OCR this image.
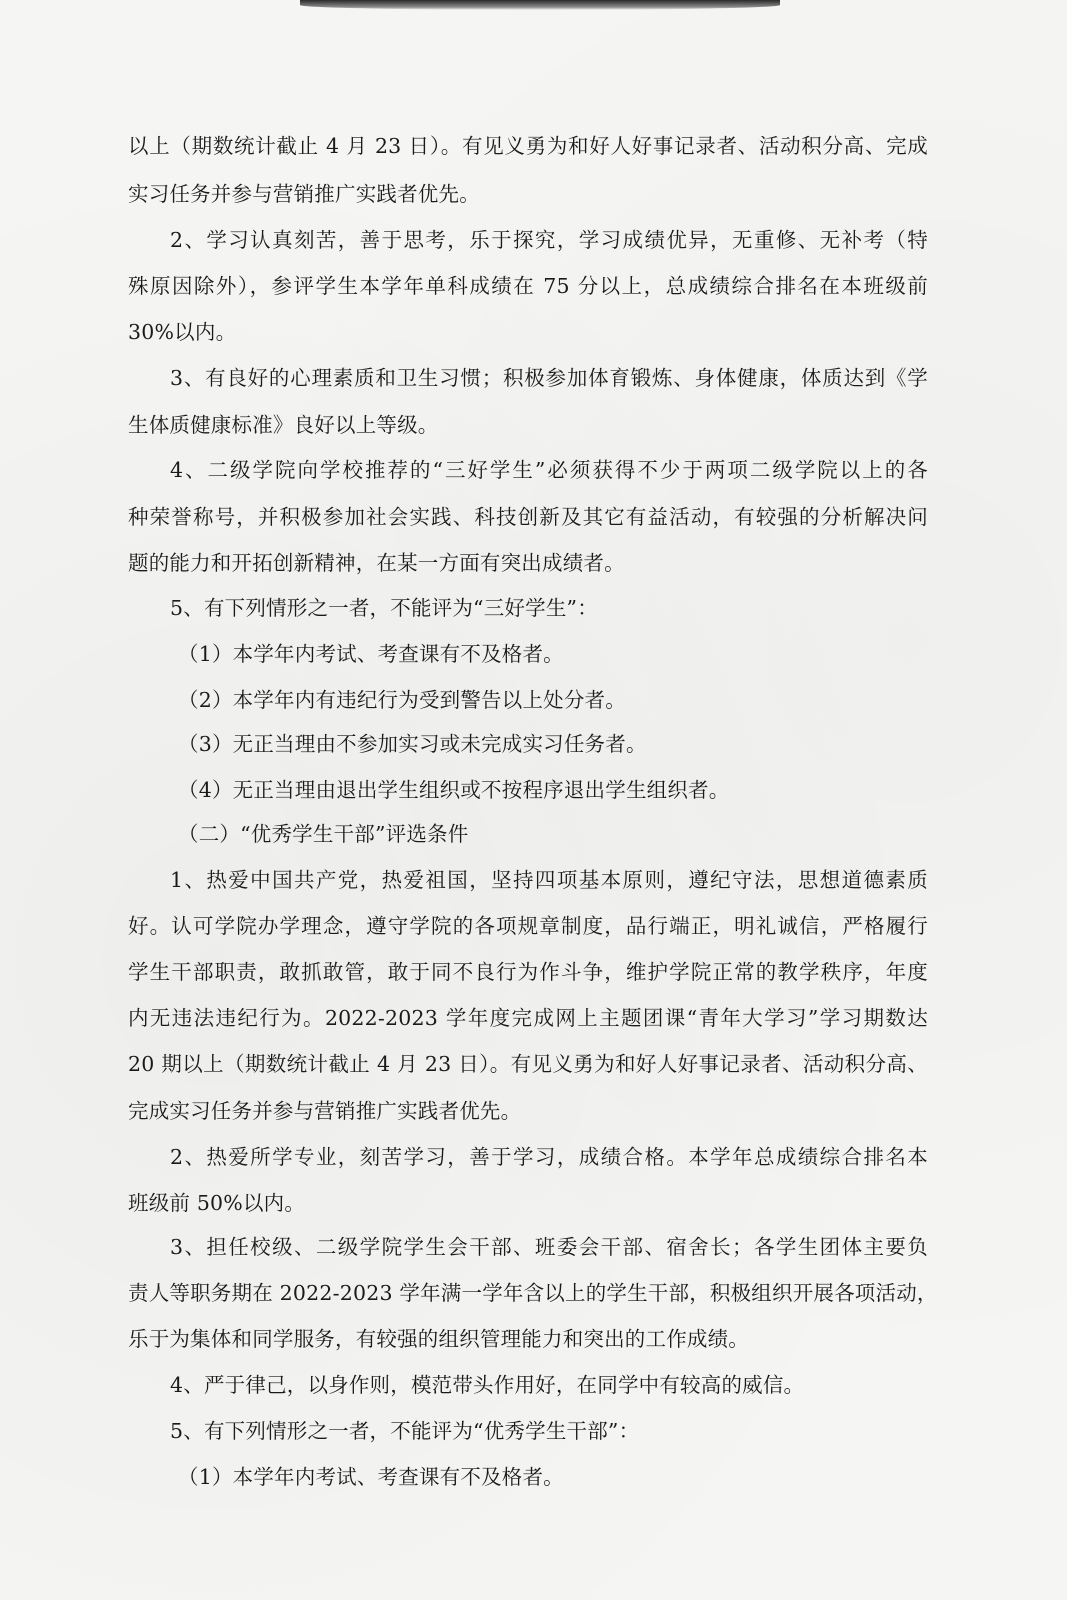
以上（期数统计截止 4 月 23 日）。有见义勇为和好人好事记录者、活动积分高、完成
实习任务并参与营销推广实践者优先。
2、学习认真刻苦，善于思考，乐于探究，学习成绩优异，无重修、无补考（特
殊原因除外），参评学生本学年单科成绩在 75 分以上，总成绩综合排名在本班级前
30%以内。
3、有良好的心理素质和卫生习惯；积极参加体育锻炼、身体健康，体质达到《学
生体质健康标准》良好以上等级。
4、二级学院向学校推荐的“三好学生”必须获得不少于两项二级学院以上的各
种荣誉称号，并积极参加社会实践、科技创新及其它有益活动，有较强的分析解决问
题的能力和开拓创新精神，在某一方面有突出成绩者。
5、有下列情形之一者，不能评为“三好学生”：
（1）本学年内考试、考查课有不及格者。
（2）本学年内有违纪行为受到警告以上处分者。
（3）无正当理由不参加实习或未完成实习任务者。
（4）无正当理由退出学生组织或不按程序退出学生组织者。
（二）“优秀学生干部”评选条件
1、热爱中国共产党，热爱祖国，坚持四项基本原则，遵纪守法，思想道德素质
好。认可学院办学理念，遵守学院的各项规章制度，品行端正，明礼诚信，严格履行
学生干部职责，敢抓敢管，敢于同不良行为作斗争，维护学院正常的教学秩序，年度
内无违法违纪行为。2022-2023 学年度完成网上主题团课“青年大学习”学习期数达
20 期以上（期数统计截止 4 月 23 日）。有见义勇为和好人好事记录者、活动积分高、
完成实习任务并参与营销推广实践者优先。
2、热爱所学专业，刻苦学习，善于学习，成绩合格。本学年总成绩综合排名本
班级前 50%以内。
3、担任校级、二级学院学生会干部、班委会干部、宿舍长；各学生团体主要负
责人等职务期在 2022-2023 学年满一学年含以上的学生干部，积极组织开展各项活动，
乐于为集体和同学服务，有较强的组织管理能力和突出的工作成绩。
4、严于律己，以身作则，模范带头作用好，在同学中有较高的威信。
5、有下列情形之一者，不能评为“优秀学生干部”：
（1）本学年内考试、考查课有不及格者。
